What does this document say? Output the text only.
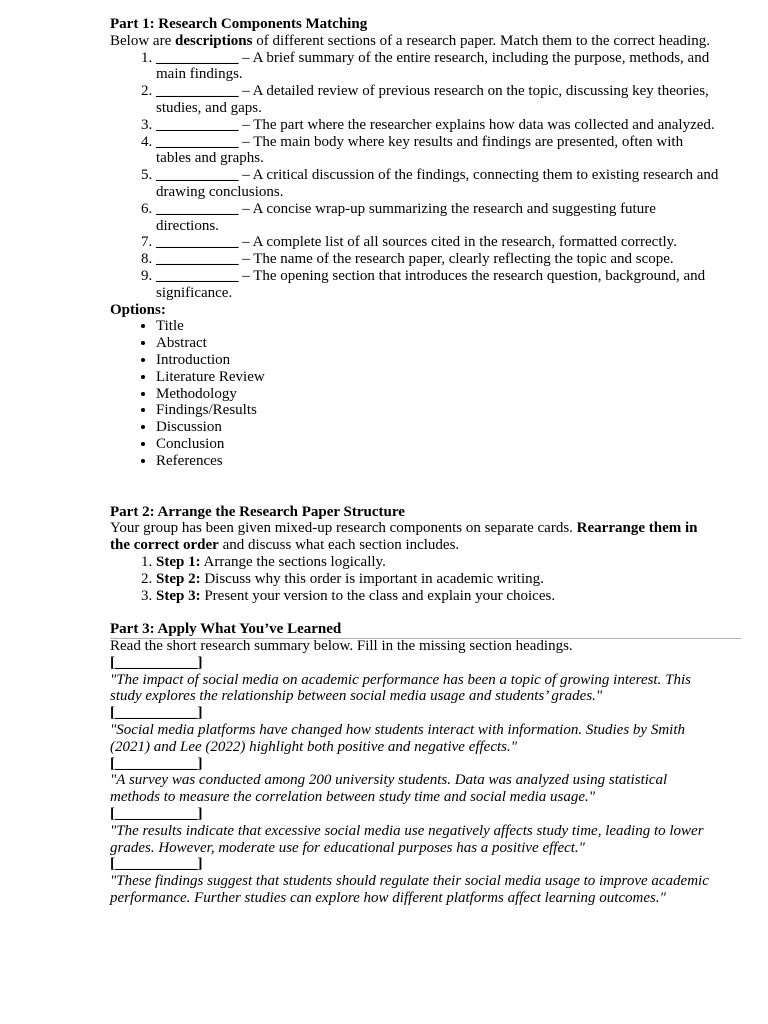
Part 1: Research Components Matching

Below are descriptions of different sections of a research paper. Match them to the correct heading.

1. ___________ – A brief summary of the entire research, including the purpose, methods, and main findings.
2. ___________ – A detailed review of previous research on the topic, discussing key theories, studies, and gaps.
3. ___________ – The part where the researcher explains how data was collected and analyzed.
4. ___________ – The main body where key results and findings are presented, often with tables and graphs.
5. ___________ – A critical discussion of the findings, connecting them to existing research and drawing conclusions.
6. ___________ – A concise wrap-up summarizing the research and suggesting future directions.
7. ___________ – A complete list of all sources cited in the research, formatted correctly.
8. ___________ – The name of the research paper, clearly reflecting the topic and scope.
9. ___________ – The opening section that introduces the research question, background, and significance.
Options:
• Title
• Abstract
• Introduction
• Literature Review
• Methodology
• Findings/Results
• Discussion
• Conclusion
• References
Part 2: Arrange the Research Paper Structure

Your group has been given mixed-up research components on separate cards. Rearrange them in the correct order and discuss what each section includes.

1. Step 1: Arrange the sections logically.
2. Step 2: Discuss why this order is important in academic writing.
3. Step 3: Present your version to the class and explain your choices.
Part 3: Apply What You’ve Learned

Read the short research summary below. Fill in the missing section headings.

[___________]

"The impact of social media on academic performance has been a topic of growing interest. This study explores the relationship between social media usage and students’ grades."

[___________]

"Social media platforms have changed how students interact with information. Studies by Smith (2021) and Lee (2022) highlight both positive and negative effects."

[___________]

"A survey was conducted among 200 university students. Data was analyzed using statistical methods to measure the correlation between study time and social media usage."

[___________]

"The results indicate that excessive social media use negatively affects study time, leading to lower grades. However, moderate use for educational purposes has a positive effect."

[___________]

"These findings suggest that students should regulate their social media usage to improve academic performance. Further studies can explore how different platforms affect learning outcomes."
